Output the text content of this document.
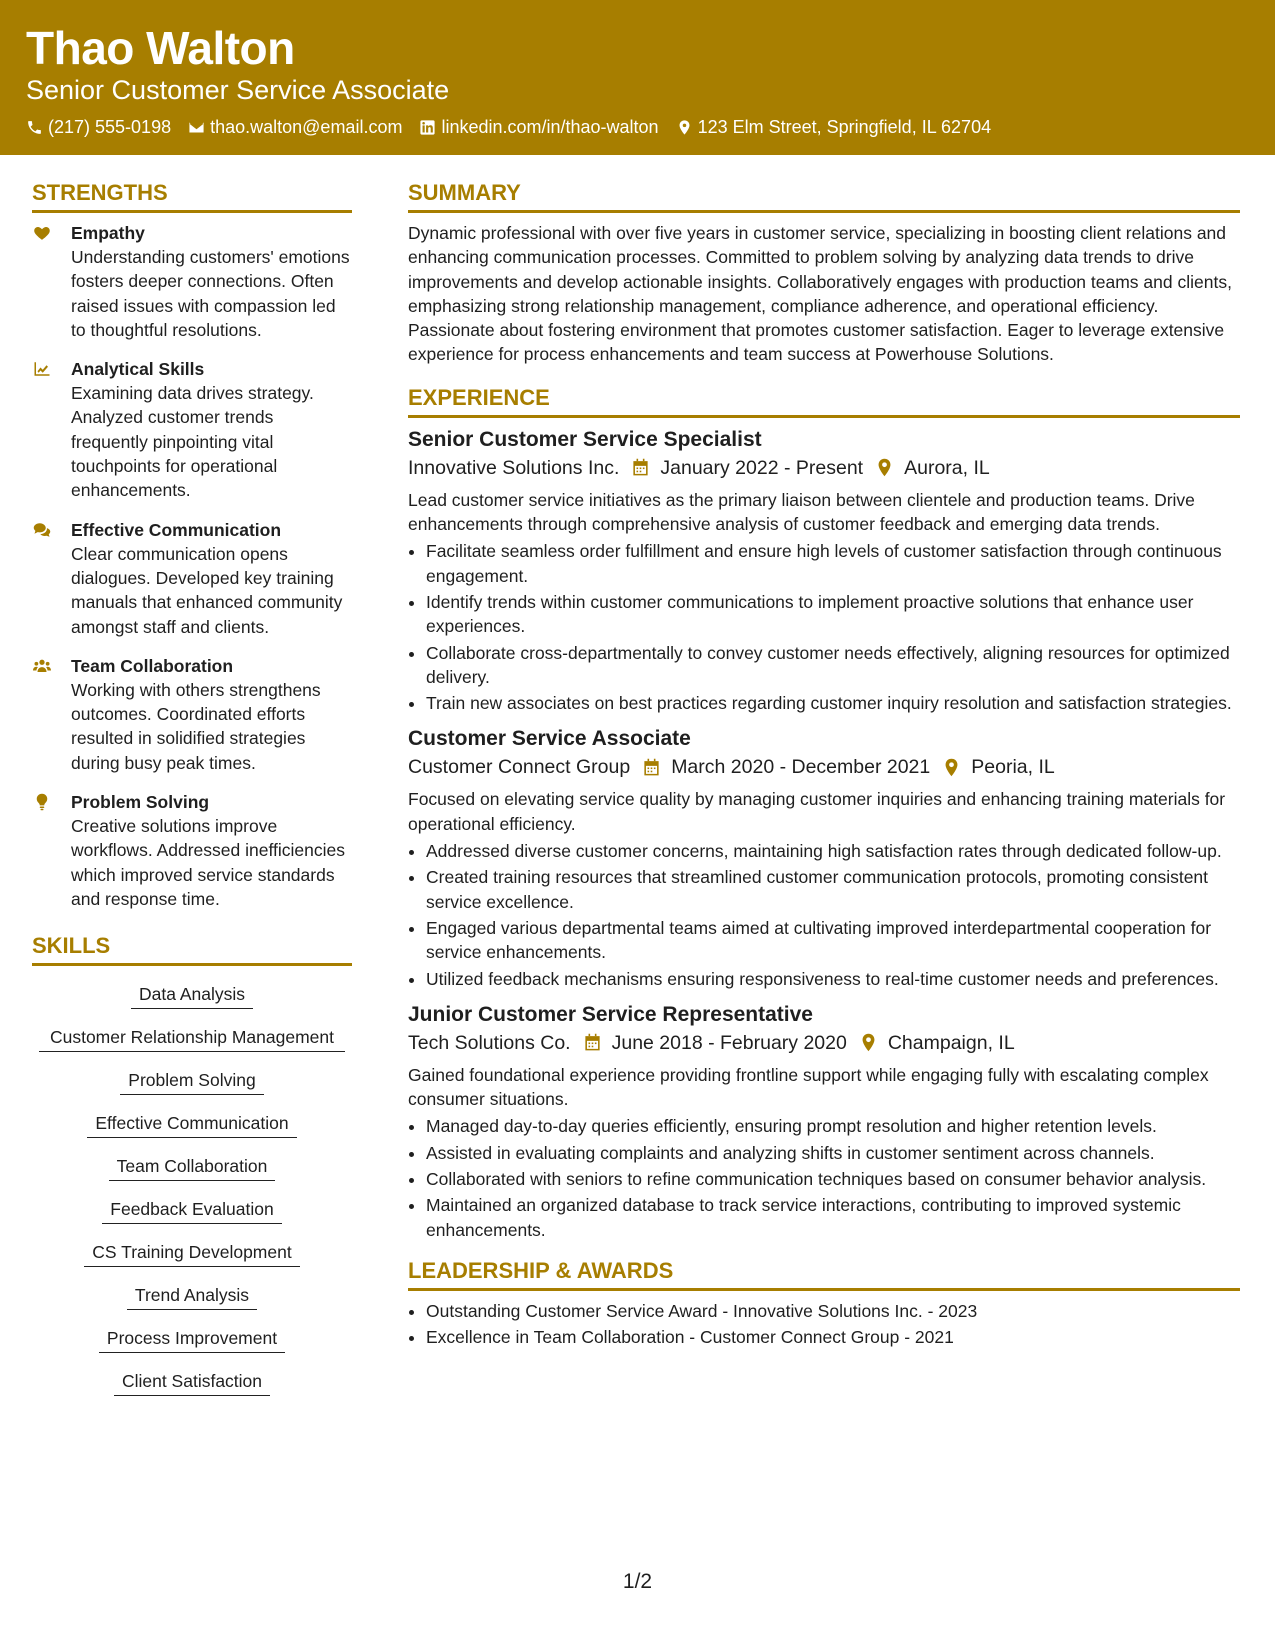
Thao Walton
Senior Customer Service Associate
(217) 555-0198 thao.walton@email.com linkedin.com/in/thao-walton 123 Elm Street, Springfield, IL 62704
STRENGTHS
Empathy
Understanding customers' emotions fosters deeper connections. Often raised issues with compassion led to thoughtful resolutions.
Analytical Skills
Examining data drives strategy. Analyzed customer trends frequently pinpointing vital touchpoints for operational enhancements.
Effective Communication
Clear communication opens dialogues. Developed key training manuals that enhanced community amongst staff and clients.
Team Collaboration
Working with others strengthens outcomes. Coordinated efforts resulted in solidified strategies during busy peak times.
Problem Solving
Creative solutions improve workflows. Addressed inefficiencies which improved service standards and response time.
SKILLS
Data Analysis
Customer Relationship Management
Problem Solving
Effective Communication
Team Collaboration
Feedback Evaluation
CS Training Development
Trend Analysis
Process Improvement
Client Satisfaction
SUMMARY
Dynamic professional with over five years in customer service, specializing in boosting client relations and enhancing communication processes. Committed to problem solving by analyzing data trends to drive improvements and develop actionable insights. Collaboratively engages with production teams and clients, emphasizing strong relationship management, compliance adherence, and operational efficiency. Passionate about fostering environment that promotes customer satisfaction. Eager to leverage extensive experience for process enhancements and team success at Powerhouse Solutions.
EXPERIENCE
Senior Customer Service Specialist
Innovative Solutions Inc. January 2022 - Present Aurora, IL
Lead customer service initiatives as the primary liaison between clientele and production teams. Drive enhancements through comprehensive analysis of customer feedback and emerging data trends.
• Facilitate seamless order fulfillment and ensure high levels of customer satisfaction through continuous engagement.
• Identify trends within customer communications to implement proactive solutions that enhance user experiences.
• Collaborate cross-departmentally to convey customer needs effectively, aligning resources for optimized delivery.
• Train new associates on best practices regarding customer inquiry resolution and satisfaction strategies.
Customer Service Associate
Customer Connect Group March 2020 - December 2021 Peoria, IL
Focused on elevating service quality by managing customer inquiries and enhancing training materials for operational efficiency.
• Addressed diverse customer concerns, maintaining high satisfaction rates through dedicated follow-up.
• Created training resources that streamlined customer communication protocols, promoting consistent service excellence.
• Engaged various departmental teams aimed at cultivating improved interdepartmental cooperation for service enhancements.
• Utilized feedback mechanisms ensuring responsiveness to real-time customer needs and preferences.
Junior Customer Service Representative
Tech Solutions Co. June 2018 - February 2020 Champaign, IL
Gained foundational experience providing frontline support while engaging fully with escalating complex consumer situations.
• Managed day-to-day queries efficiently, ensuring prompt resolution and higher retention levels.
• Assisted in evaluating complaints and analyzing shifts in customer sentiment across channels.
• Collaborated with seniors to refine communication techniques based on consumer behavior analysis.
• Maintained an organized database to track service interactions, contributing to improved systemic enhancements.
LEADERSHIP & AWARDS
• Outstanding Customer Service Award - Innovative Solutions Inc. - 2023
• Excellence in Team Collaboration - Customer Connect Group - 2021
1/2
